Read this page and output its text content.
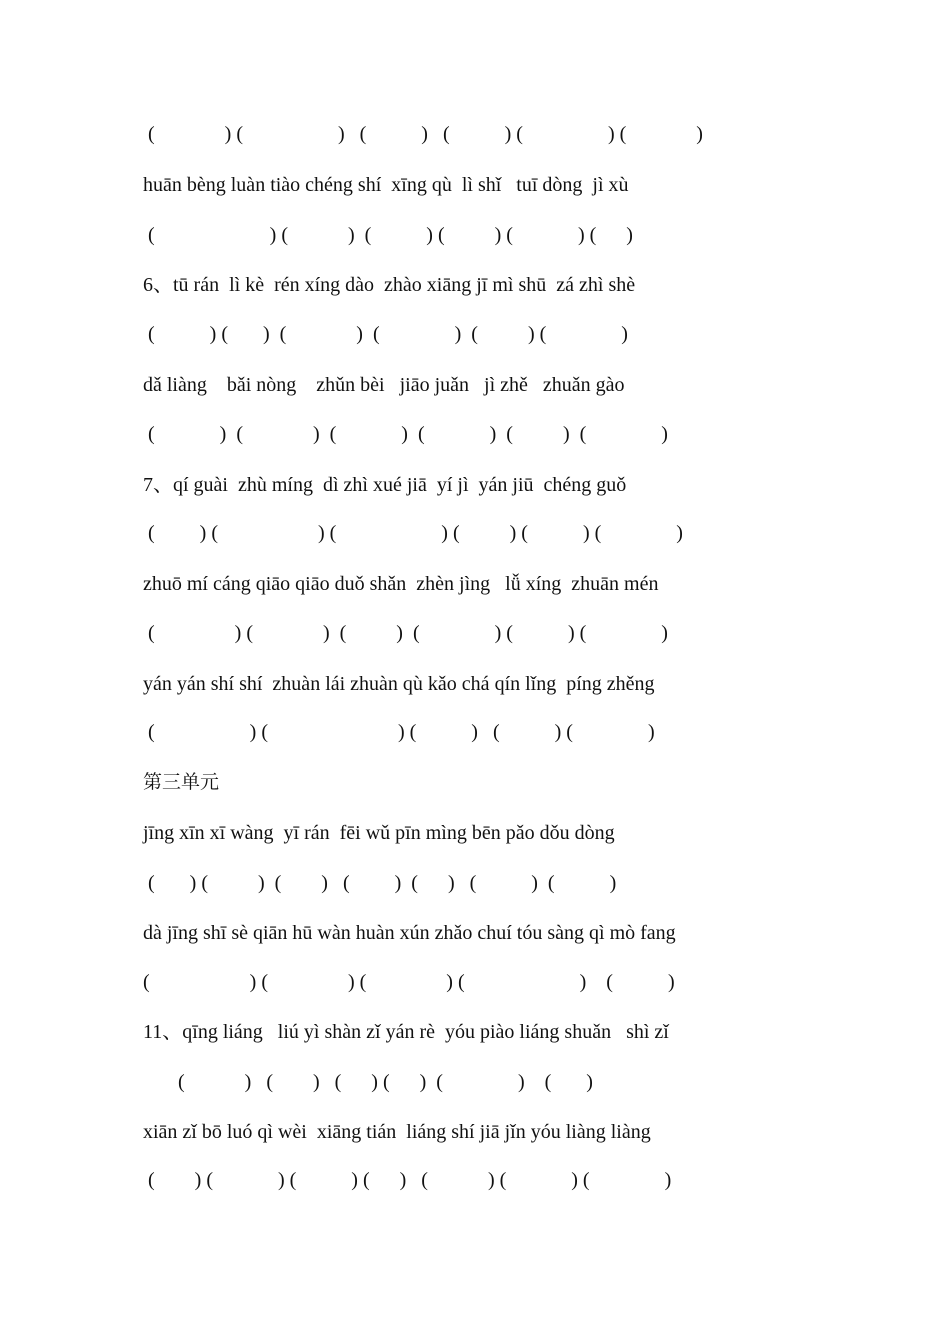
(              ) (                   )   (           )   (           ) (                 ) (              )
huān bèng luàn tiào chéng shí  xīng qù  lì shǐ   tuī dòng  jì xù
(                       ) (            )  (           ) (          ) (             ) (      )
6、tū rán  lì kè  rén xíng dào  zhào xiāng jī mì shū  zá zhì shè
(           ) (       )  (              )  (               )  (          ) (               )
dǎ liàng    bǎi nòng    zhǔn bèi   jiāo juǎn   jì zhě   zhuǎn gào
(             )  (              )  (             )  (             )  (          )  (               )
7、qí guài  zhù míng  dì zhì xué jiā  yí jì  yán jiū  chéng guǒ
(         ) (                    ) (                     ) (          ) (           ) (               )
zhuō mí cáng qiāo qiāo duǒ shǎn  zhèn jìng   lǚ xíng  zhuān mén
(                ) (              )  (          )  (               ) (           ) (               )
yán yán shí shí  zhuàn lái zhuàn qù kǎo chá qín lǐng  píng zhěng
(                   ) (                          ) (           )   (           ) (               )
第三单元
jīng xīn xī wàng  yī rán  fēi wǔ pīn mìng bēn pǎo dǒu dòng
(       ) (          )  (        )   (         )  (      )   (           )  (           )
dà jīng shī sè qiān hū wàn huàn xún zhǎo chuí tóu sàng qì mò fang
(                    ) (                ) (                ) (                       )    (           )
11、qīng liáng   liú yì shàn zǐ yán rè  yóu piào liáng shuǎn   shì zǐ
(            )   (        )   (      ) (      )  (               )    (       )
xiān zǐ bō luó qì wèi  xiāng tián  liáng shí jiā jǐn yóu liàng liàng
(        ) (             ) (           ) (      )   (            ) (             ) (               )
